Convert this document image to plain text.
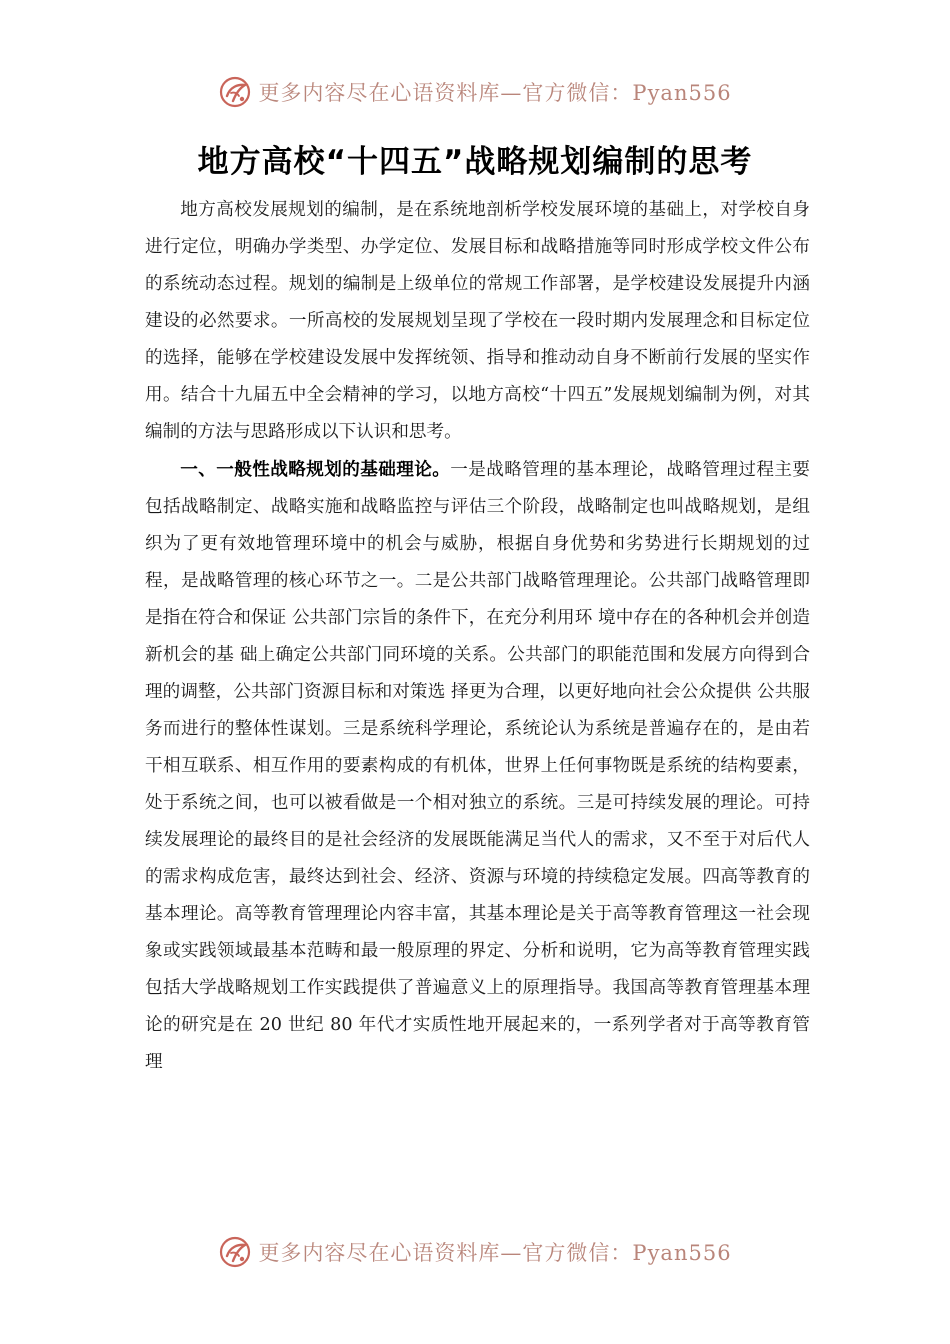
更多内容尽在心语资料库—官方微信：Pyan556
地方高校“十四五”战略规划编制的思考

地方高校发展规划的编制，是在系统地剖析学校发展环境的基础上，对学校自身进行定位，明确办学类型、办学定位、发展目标和战略措施等同时形成学校文件公布的系统动态过程。规划的编制是上级单位的常规工作部署，是学校建设发展提升内涵建设的必然要求。一所高校的发展规划呈现了学校在一段时期内发展理念和目标定位的选择，能够在学校建设发展中发挥统领、指导和推动动自身不断前行发展的坚实作用。结合十九届五中全会精神的学习，以地方高校“十四五”发展规划编制为例，对其编制的方法与思路形成以下认识和思考。

一、一般性战略规划的基础理论。一是战略管理的基本理论，战略管理过程主要包括战略制定、战略实施和战略监控与评估三个阶段，战略制定也叫战略规划，是组织为了更有效地管理环境中的机会与威胁，根据自身优势和劣势进行长期规划的过程，是战略管理的核心环节之一。二是公共部门战略管理理论。公共部门战略管理即是指在符合和保证 公共部门宗旨的条件下，在充分利用环 境中存在的各种机会并创造新机会的基 础上确定公共部门同环境的关系。公共部门的职能范围和发展方向得到合 理的调整，公共部门资源目标和对策选 择更为合理，以更好地向社会公众提供 公共服务而进行的整体性谋划。三是系统科学理论，系统论认为系统是普遍存在的，是由若干相互联系、相互作用的要素构成的有机体，世界上任何事物既是系统的结构要素，处于系统之间，也可以被看做是一个相对独立的系统。三是可持续发展的理论。可持续发展理论的最终目的是社会经济的发展既能满足当代人的需求，又不至于对后代人的需求构成危害，最终达到社会、经济、资源与环境的持续稳定发展。四高等教育的基本理论。高等教育管理理论内容丰富，其基本理论是关于高等教育管理这一社会现象或实践领域最基本范畴和最一般原理的界定、分析和说明，它为高等教育管理实践包括大学战略规划工作实践提供了普遍意义上的原理指导。我国高等教育管理基本理论的研究是在 20 世纪 80 年代才实质性地开展起来的，一系列学者对于高等教育管理

更多内容尽在心语资料库—官方微信：Pyan556
